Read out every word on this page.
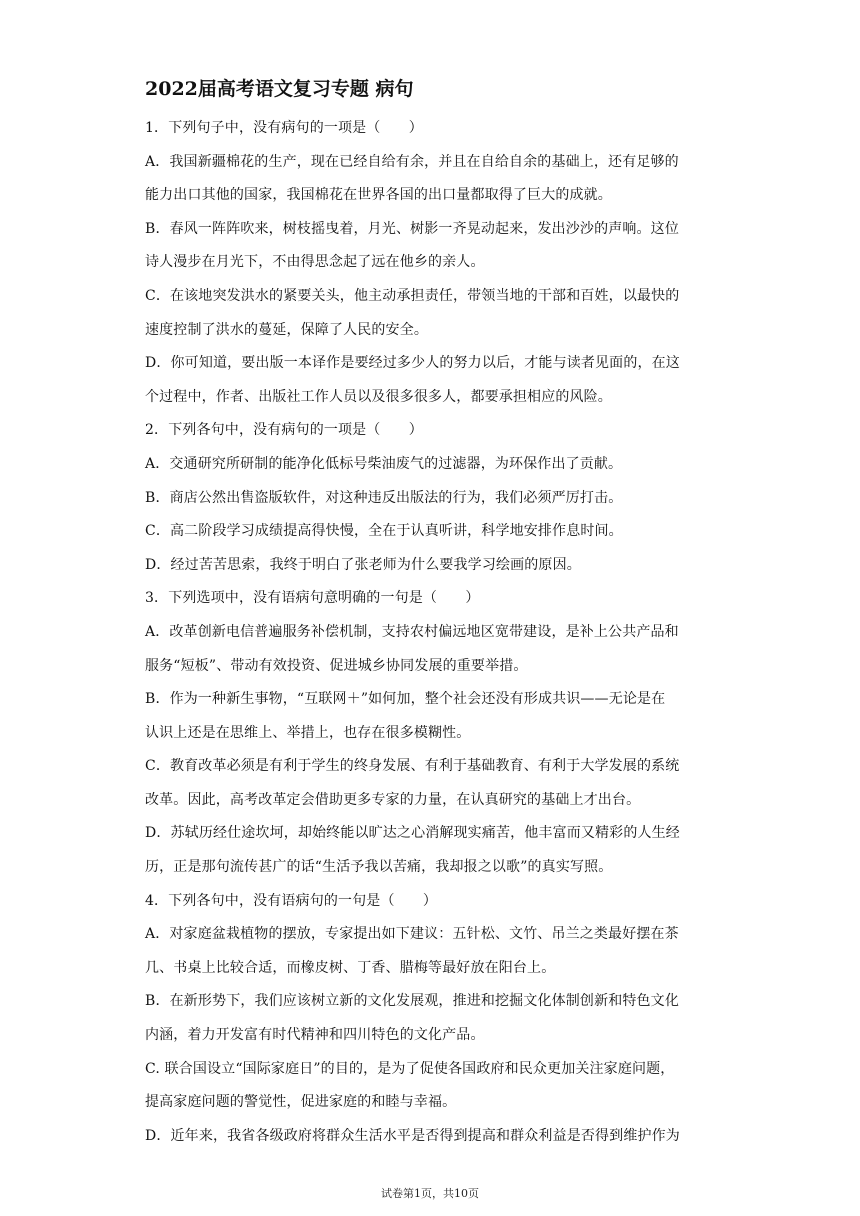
2022届高考语文复习专题 病句
1．下列句子中，没有病句的一项是（　　）
A．我国新疆棉花的生产，现在已经自给有余，并且在自给自余的基础上，还有足够的
能力出口其他的国家，我国棉花在世界各国的出口量都取得了巨大的成就。
B．春风一阵阵吹来，树枝摇曳着，月光、树影一齐晃动起来，发出沙沙的声响。这位
诗人漫步在月光下，不由得思念起了远在他乡的亲人。
C．在该地突发洪水的紧要关头，他主动承担责任，带领当地的干部和百姓，以最快的
速度控制了洪水的蔓延，保障了人民的安全。
D．你可知道，要出版一本译作是要经过多少人的努力以后，才能与读者见面的，在这
个过程中，作者、出版社工作人员以及很多很多人，都要承担相应的风险。
2．下列各句中，没有病句的一项是（　　）
A．交通研究所研制的能净化低标号柴油废气的过滤器，为环保作出了贡献。
B．商店公然出售盗版软件，对这种违反出版法的行为，我们必须严厉打击。
C．高二阶段学习成绩提高得快慢，全在于认真听讲，科学地安排作息时间。
D．经过苦苦思索，我终于明白了张老师为什么要我学习绘画的原因。
3．下列选项中，没有语病句意明确的一句是（　　）
A．改革创新电信普遍服务补偿机制，支持农村偏远地区宽带建设，是补上公共产品和
服务“短板”、带动有效投资、促进城乡协同发展的重要举措。
B．作为一种新生事物，“互联网＋”如何加，整个社会还没有形成共识——无论是在
认识上还是在思维上、举措上，也存在很多模糊性。
C．教育改革必须是有利于学生的终身发展、有利于基础教育、有利于大学发展的系统
改革。因此，高考改革定会借助更多专家的力量，在认真研究的基础上才出台。
D．苏轼历经仕途坎坷，却始终能以旷达之心消解现实痛苦，他丰富而又精彩的人生经
历，正是那句流传甚广的话“生活予我以苦痛，我却报之以歌”的真实写照。
4．下列各句中，没有语病句的一句是（　　）
A．对家庭盆栽植物的摆放，专家提出如下建议：五针松、文竹、吊兰之类最好摆在茶
几、书桌上比较合适，而橡皮树、丁香、腊梅等最好放在阳台上。
B．在新形势下，我们应该树立新的文化发展观，推进和挖掘文化体制创新和特色文化
内涵，着力开发富有时代精神和四川特色的文化产品。
C. 联合国设立“国际家庭日”的目的，是为了促使各国政府和民众更加关注家庭问题，
提高家庭问题的警觉性，促进家庭的和睦与幸福。
D．近年来，我省各级政府将群众生活水平是否得到提高和群众利益是否得到维护作为
试卷第1页，共10页
